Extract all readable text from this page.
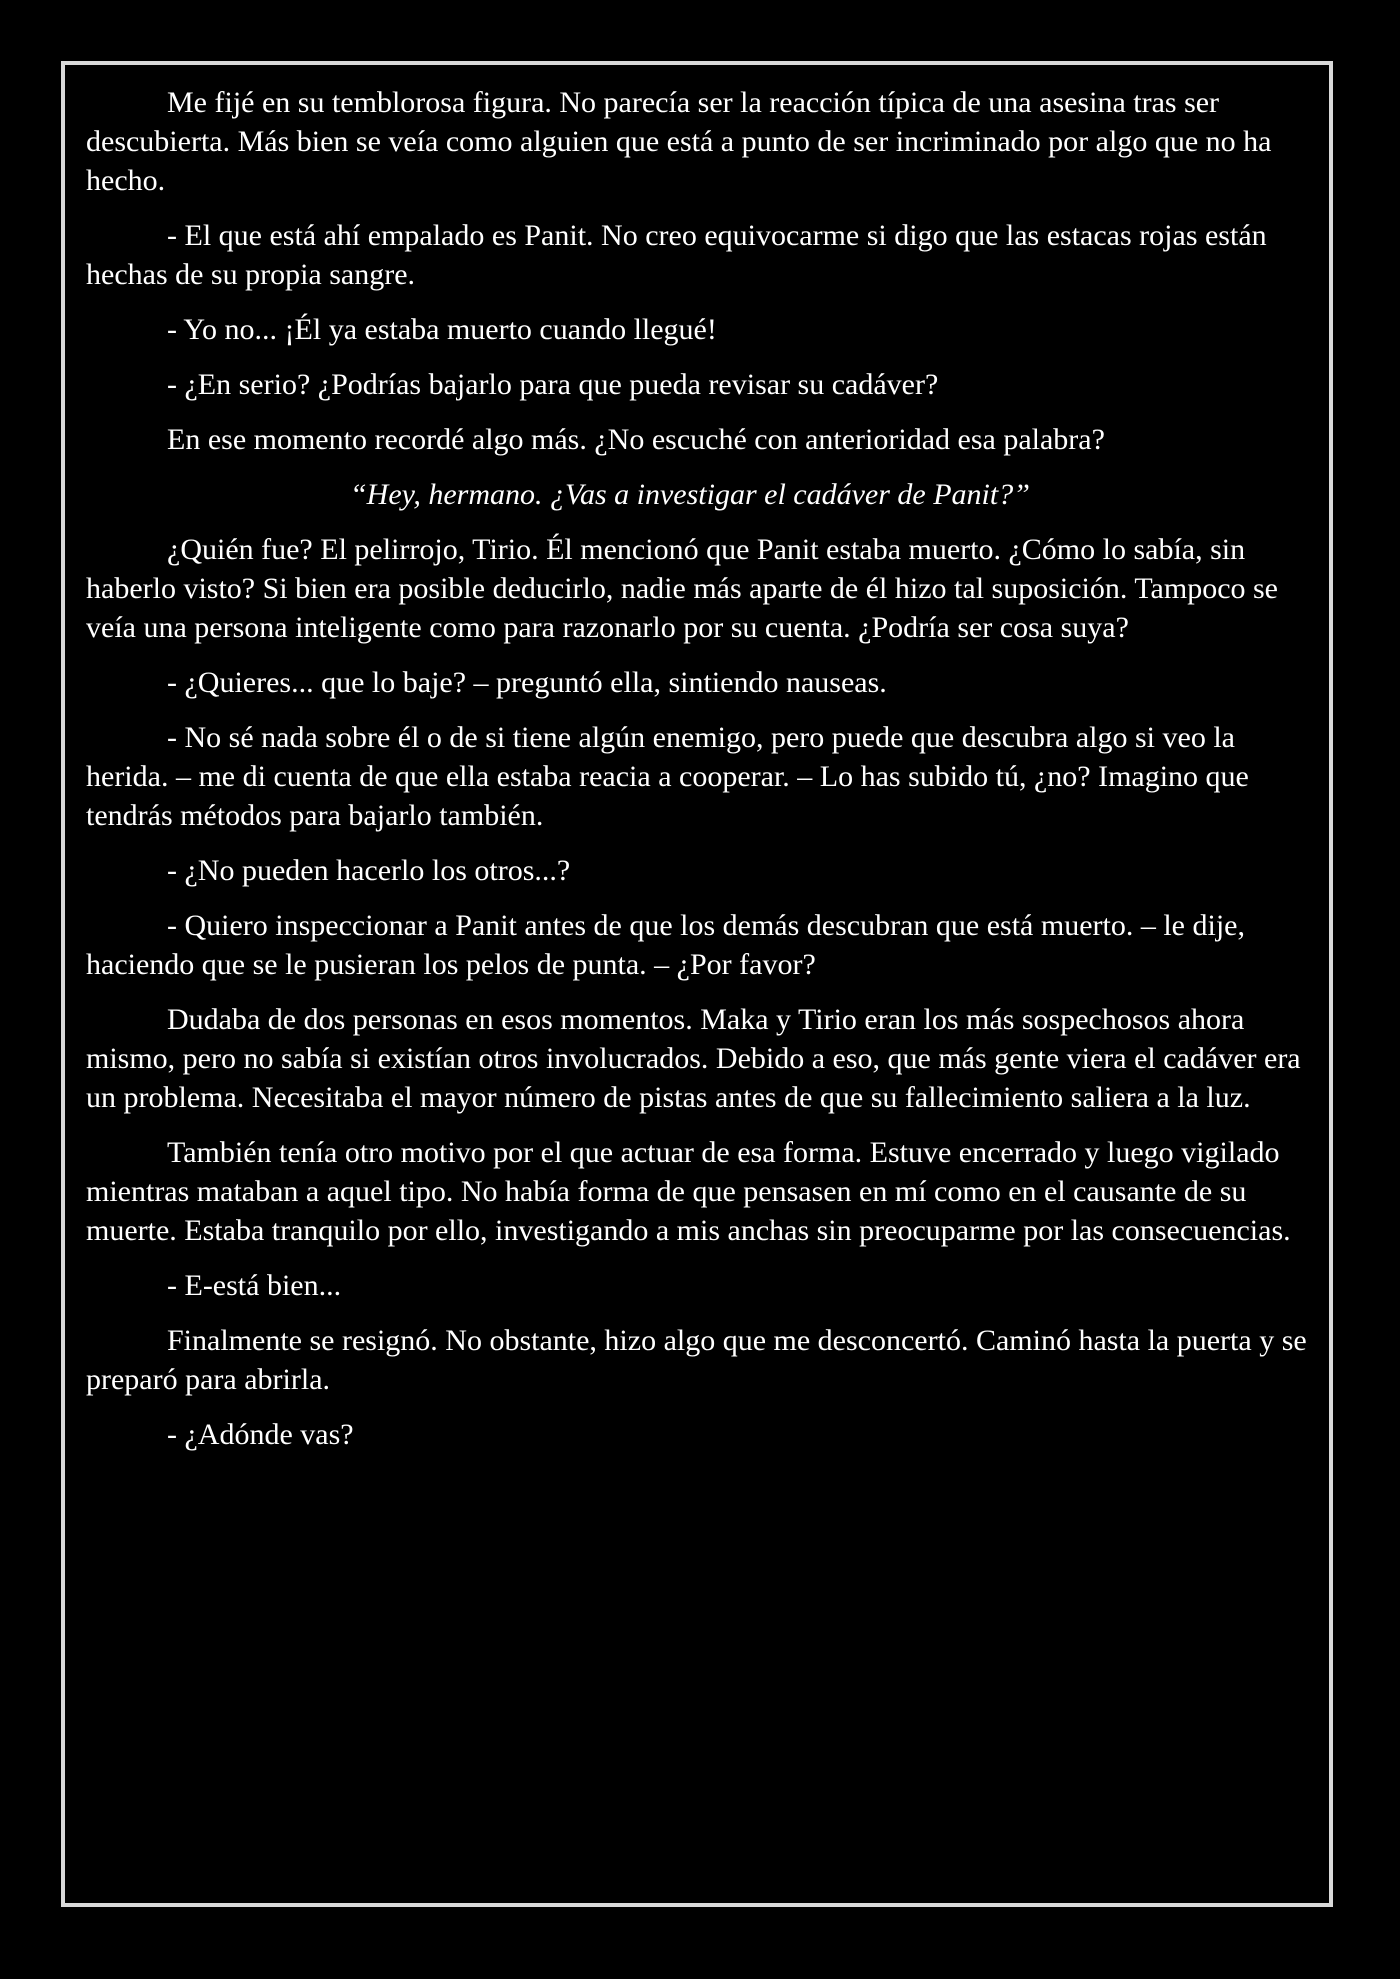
Me fijé en su temblorosa figura. No parecía ser la reacción típica de una asesina tras ser descubierta. Más bien se veía como alguien que está a punto de ser incriminado por algo que no ha hecho.

- El que está ahí empalado es Panit. No creo equivocarme si digo que las estacas rojas están hechas de su propia sangre.

- Yo no... ¡Él ya estaba muerto cuando llegué!

- ¿En serio? ¿Podrías bajarlo para que pueda revisar su cadáver?

En ese momento recordé algo más. ¿No escuché con anterioridad esa palabra?

“Hey, hermano. ¿Vas a investigar el cadáver de Panit?”

¿Quién fue? El pelirrojo, Tirio. Él mencionó que Panit estaba muerto. ¿Cómo lo sabía, sin haberlo visto? Si bien era posible deducirlo, nadie más aparte de él hizo tal suposición. Tampoco se veía una persona inteligente como para razonarlo por su cuenta. ¿Podría ser cosa suya?

- ¿Quieres... que lo baje? – preguntó ella, sintiendo nauseas.

- No sé nada sobre él o de si tiene algún enemigo, pero puede que descubra algo si veo la herida. – me di cuenta de que ella estaba reacia a cooperar. – Lo has subido tú, ¿no? Imagino que tendrás métodos para bajarlo también.

- ¿No pueden hacerlo los otros...?

- Quiero inspeccionar a Panit antes de que los demás descubran que está muerto. – le dije, haciendo que se le pusieran los pelos de punta. – ¿Por favor?

Dudaba de dos personas en esos momentos. Maka y Tirio eran los más sospechosos ahora mismo, pero no sabía si existían otros involucrados. Debido a eso, que más gente viera el cadáver era un problema. Necesitaba el mayor número de pistas antes de que su fallecimiento saliera a la luz.

También tenía otro motivo por el que actuar de esa forma. Estuve encerrado y luego vigilado mientras mataban a aquel tipo. No había forma de que pensasen en mí como en el causante de su muerte. Estaba tranquilo por ello, investigando a mis anchas sin preocuparme por las consecuencias.

- E-está bien...

Finalmente se resignó. No obstante, hizo algo que me desconcertó. Caminó hasta la puerta y se preparó para abrirla.

- ¿Adónde vas?
